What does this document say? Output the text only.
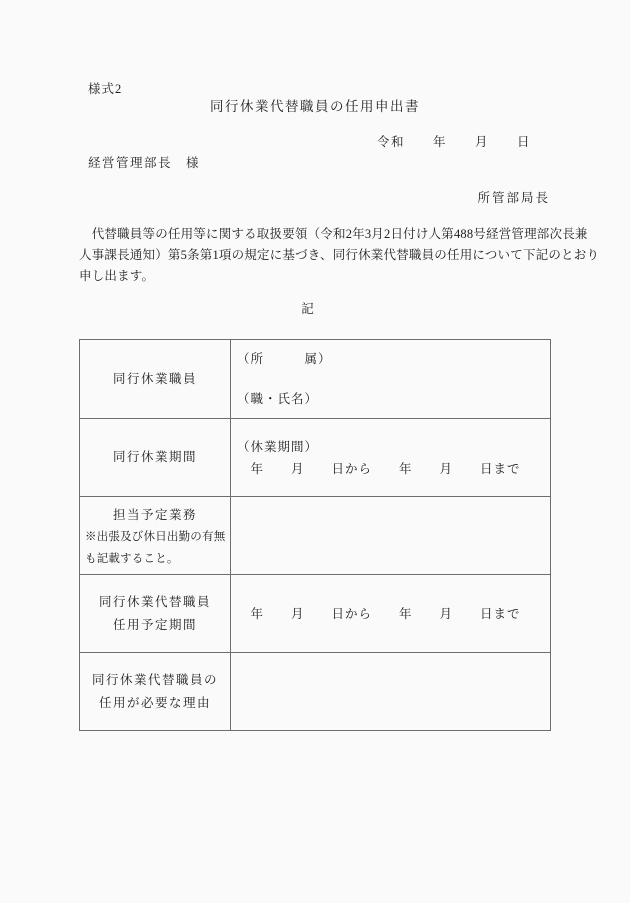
様式2
同行休業代替職員の任用申出書
令和　　年　　月　　日
経営管理部長　様
所管部局長
　代替職員等の任用等に関する取扱要領（令和2年3月2日付け人第488号経営管理部次長兼
人事課長通知）第5条第1項の規定に基づき、同行休業代替職員の任用について下記のとおり
申し出ます。
記
同行休業職員
（所　　　属）
（職・氏名）
同行休業期間
（休業期間）
　年　　月　　日から　　年　　月　　日まで
担当予定業務
※出張及び休日出勤の有無
も記載すること。
同行休業代替職員
任用予定期間
　年　　月　　日から　　年　　月　　日まで
同行休業代替職員の
任用が必要な理由
